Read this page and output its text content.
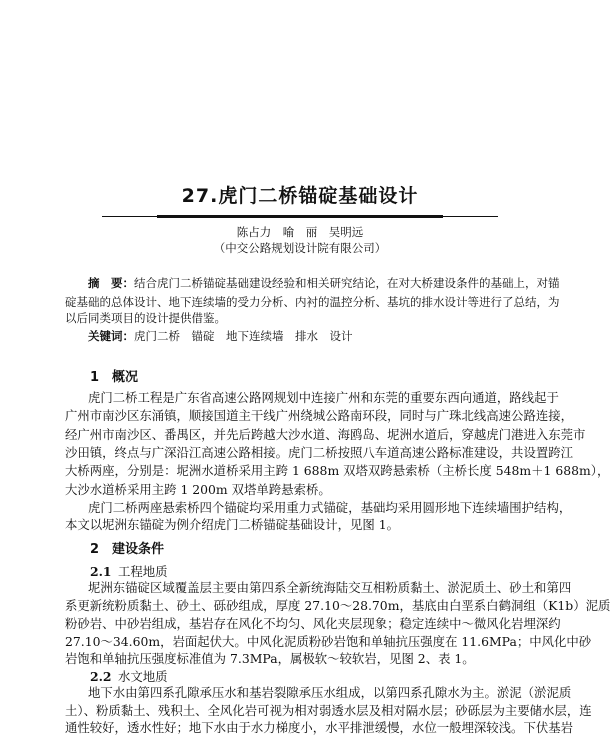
27.虎门二桥锚碇基础设计
陈占力　喻　丽　吴明远
（中交公路规划设计院有限公司）
摘　要：结合虎门二桥锚碇基础建设经验和相关研究结论，在对大桥建设条件的基础上，对锚
碇基础的总体设计、地下连续墙的受力分析、内衬的温控分析、基坑的排水设计等进行了总结，为
以后同类项目的设计提供借鉴。
关键词：虎门二桥　锚碇　地下连续墙　排水　设计
1 概况
虎门二桥工程是广东省高速公路网规划中连接广州和东莞的重要东西向通道，路线起于
广州市南沙区东涌镇，顺接国道主干线广州绕城公路南环段，同时与广珠北线高速公路连接，
经广州市南沙区、番禺区，并先后跨越大沙水道、海鸥岛、坭洲水道后，穿越虎门港进入东莞市
沙田镇，终点与广深沿江高速公路相接。虎门二桥按照八车道高速公路标准建设，共设置跨江
大桥两座，分别是：坭洲水道桥采用主跨 1 688m 双塔双跨悬索桥（主桥长度 548m＋1 688m），
大沙水道桥采用主跨 1 200m 双塔单跨悬索桥。
虎门二桥两座悬索桥四个锚碇均采用重力式锚碇，基础均采用圆形地下连续墙围护结构，
本文以坭洲东锚碇为例介绍虎门二桥锚碇基础设计，见图 1。
2 建设条件
2.1 工程地质
坭洲东锚碇区域覆盖层主要由第四系全新统海陆交互相粉质黏土、淤泥质土、砂土和第四
系更新统粉质黏土、砂土、砾砂组成，厚度 27.10～28.70m，基底由白垩系白鹤洞组（K1b）泥质
粉砂岩、中砂岩组成，基岩存在风化不均匀、风化夹层现象；稳定连续中～微风化岩埋深约
27.10～34.60m，岩面起伏大。中风化泥质粉砂岩饱和单轴抗压强度在 11.6MPa；中风化中砂
岩饱和单轴抗压强度标准值为 7.3MPa，属极软～较软岩，见图 2、表 1。
2.2 水文地质
地下水由第四系孔隙承压水和基岩裂隙承压水组成，以第四系孔隙水为主。淤泥（淤泥质
土）、粉质黏土、残积土、全风化岩可视为相对弱透水层及相对隔水层；砂砾层为主要储水层，连
通性较好，透水性好；地下水由于水力梯度小，水平排泄缓慢，水位一般埋深较浅。下伏基岩
